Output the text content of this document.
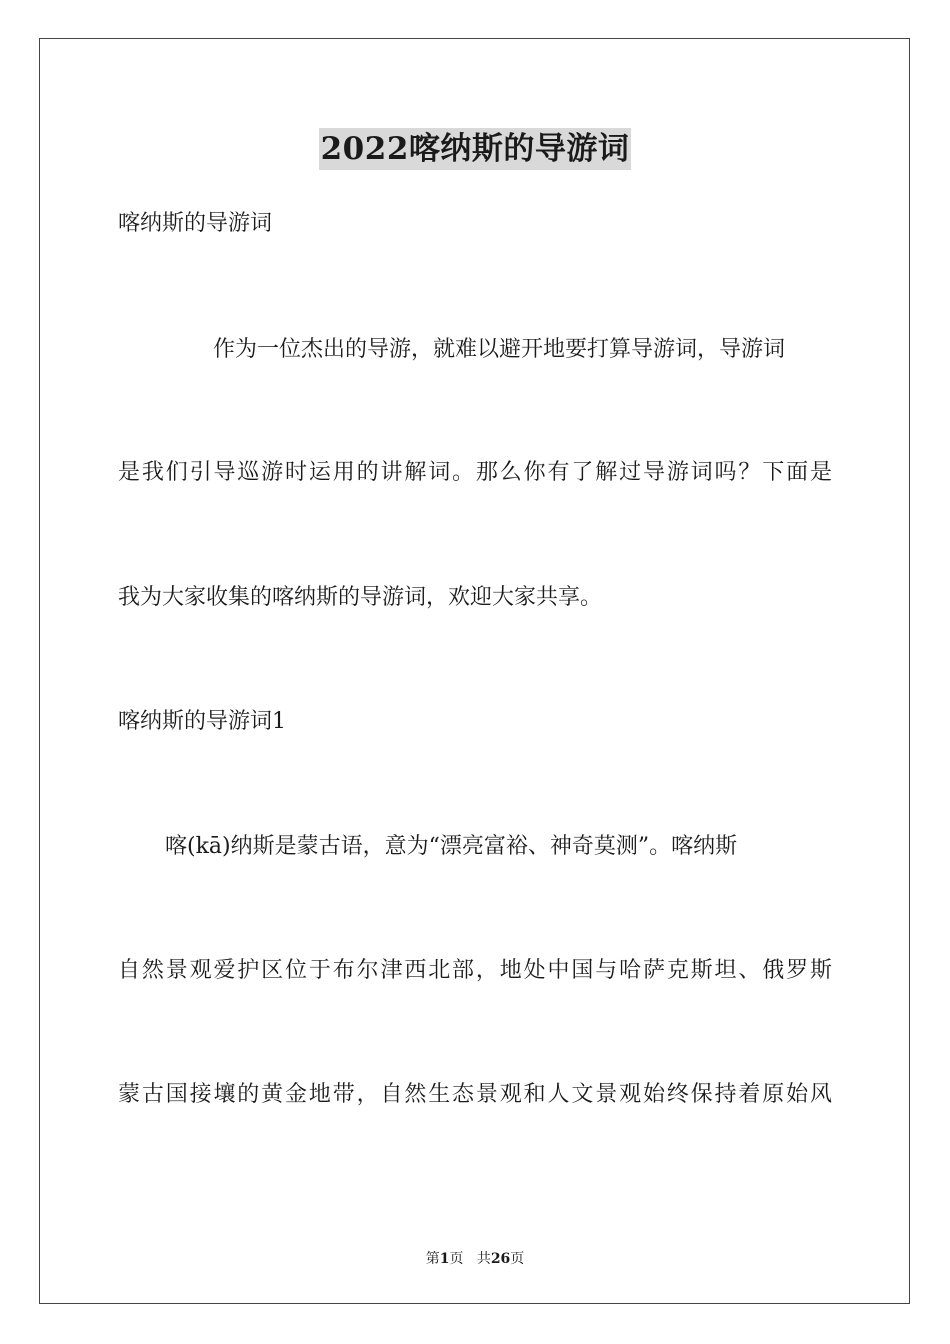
2022喀纳斯的导游词
喀纳斯的导游词
作为一位杰出的导游，就难以避开地要打算导游词，导游词
是我们引导巡游时运用的讲解词。那么你有了解过导游词吗？下面是
我为大家收集的喀纳斯的导游词，欢迎大家共享。
喀纳斯的导游词1
喀(kā)纳斯是蒙古语，意为“漂亮富裕、神奇莫测”。喀纳斯
自然景观爱护区位于布尔津西北部，地处中国与哈萨克斯坦、俄罗斯
蒙古国接壤的黄金地带，自然生态景观和人文景观始终保持着原始风
第1页 共26页
